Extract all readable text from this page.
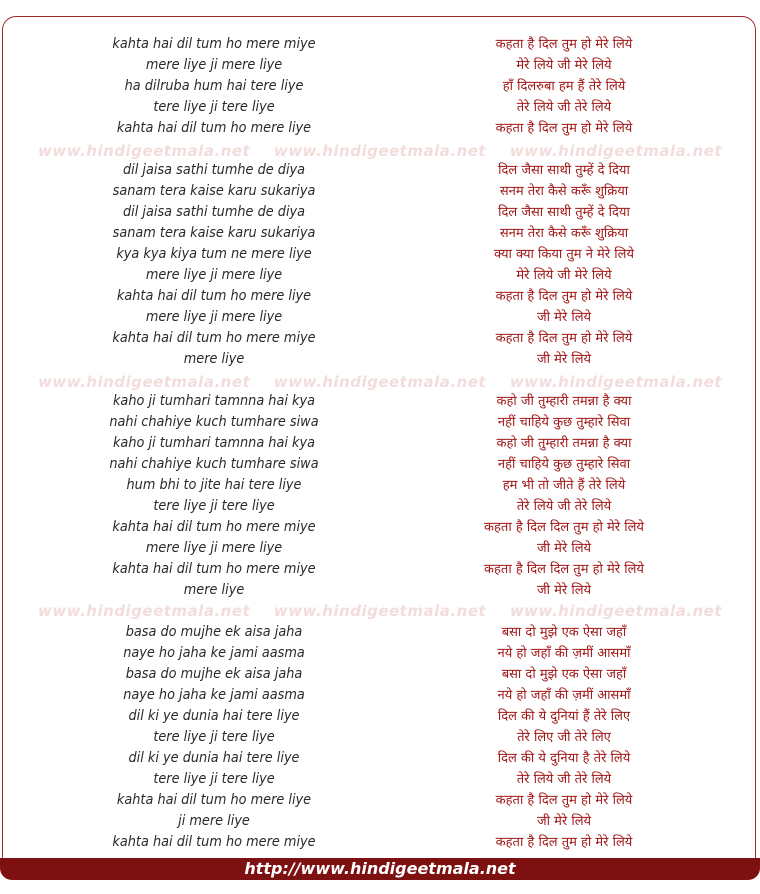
www.hindigeetmala.net www.hindigeetmala.net www.hindigeetmala.net
www.hindigeetmala.net www.hindigeetmala.net www.hindigeetmala.net
www.hindigeetmala.net www.hindigeetmala.net www.hindigeetmala.net
kahta hai dil tum ho mere miye
mere liye ji mere liye
ha dilruba hum hai tere liye
tere liye ji tere liye
kahta hai dil tum ho mere liye
dil jaisa sathi tumhe de diya
sanam tera kaise karu sukariya
dil jaisa sathi tumhe de diya
sanam tera kaise karu sukariya
kya kya kiya tum ne mere liye
mere liye ji mere liye
kahta hai dil tum ho mere liye
mere liye ji mere liye
kahta hai dil tum ho mere miye
mere liye
kaho ji tumhari tamnna hai kya
nahi chahiye kuch tumhare siwa
kaho ji tumhari tamnna hai kya
nahi chahiye kuch tumhare siwa
hum bhi to jite hai tere liye
tere liye ji tere liye
kahta hai dil tum ho mere miye
mere liye ji mere liye
kahta hai dil tum ho mere miye
mere liye
basa do mujhe ek aisa jaha
naye ho jaha ke jami aasma
basa do mujhe ek aisa jaha
naye ho jaha ke jami aasma
dil ki ye dunia hai tere liye
tere liye ji tere liye
dil ki ye dunia hai tere liye
tere liye ji tere liye
kahta hai dil tum ho mere liye
ji mere liye
kahta hai dil tum ho mere miye
कहता है दिल तुम हो मेरे लिये
मेरे लिये जी मेरे लिये
हाँ दिलरुबा हम हैं तेरे लिये
तेरे लिये जी तेरे लिये
कहता है दिल तुम हो मेरे लिये
दिल जैसा साथी तुम्हें दे दिया
सनम तेरा कैसे करूँ शुक्रिया
दिल जैसा साथी तुम्हें दे दिया
सनम तेरा कैसे करूँ शुक्रिया
क्या क्या किया तुम ने मेरे लिये
मेरे लिये जी मेरे लिये
कहता है दिल तुम हो मेरे लिये
जी मेरे लिये
कहता है दिल तुम हो मेरे लिये
जी मेरे लिये
कहो जी तुम्हारी तमन्ना है क्या
नहीं चाहिये कुछ तुम्हारे सिवा
कहो जी तुम्हारी तमन्ना है क्या
नहीं चाहिये कुछ तुम्हारे सिवा
हम भी तो जीते हैं तेरे लिये
तेरे लिये जी तेरे लिये
कहता है दिल दिल तुम हो मेरे लिये
जी मेरे लिये
कहता है दिल दिल तुम हो मेरे लिये
जी मेरे लिये
बसा दो मुझे एक ऐसा जहाँ
नये हो जहाँ की ज़मीं आसमाँ
बसा दो मुझे एक ऐसा जहाँ
नये हो जहाँ की ज़मीं आसमाँ
दिल की ये दुनियां हैं तेरे लिए
तेरे लिए जी तेरे लिए
दिल की ये दुनिया है तेरे लिये
तेरे लिये जी तेरे लिये
कहता है दिल तुम हो मेरे लिये
जी मेरे लिये
कहता है दिल तुम हो मेरे लिये
http://www.hindigeetmala.net
